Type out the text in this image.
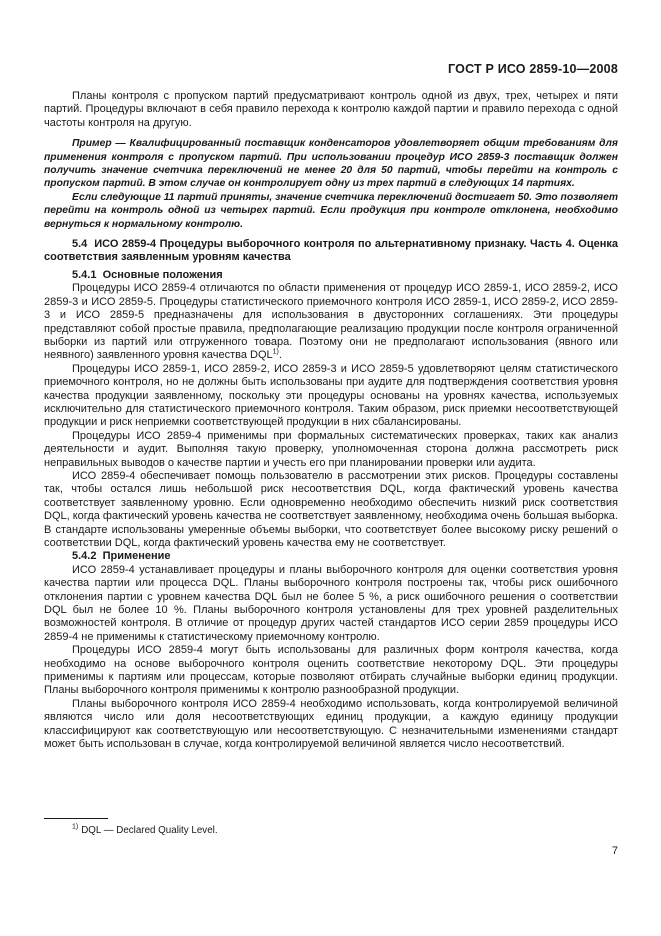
ГОСТ Р ИСО 2859-10—2008

Планы контроля с пропуском партий предусматривают контроль одной из двух, трех, четырех и пяти партий. Процедуры включают в себя правило перехода к контролю каждой партии и правило перехода с одной частоты контроля на другую.

Пример — Квалифицированный поставщик конденсаторов удовлетворяет общим требованиям для применения контроля с пропуском партий. При использовании процедур ИСО 2859-3 поставщик должен получить значение счетчика переключений не менее 20 для 50 партий, чтобы перейти на контроль с пропуском партий. В этом случае он контролирует одну из трех партий в следующих 14 партиях.

Если следующие 11 партий приняты, значение счетчика переключений достигает 50. Это позволяет перейти на контроль одной из четырех партий. Если продукция при контроле отклонена, необходимо вернуться к нормальному контролю.

5.4  ИСО 2859-4 Процедуры выборочного контроля по альтернативному признаку. Часть 4. Оценка соответствия заявленным уровням качества

5.4.1  Основные положения

Процедуры ИСО 2859-4 отличаются по области применения от процедур ИСО 2859-1, ИСО 2859-2, ИСО 2859-3 и ИСО 2859-5. Процедуры статистического приемочного контроля ИСО 2859-1, ИСО 2859-2, ИСО 2859-3 и ИСО 2859-5 предназначены для использования в двусторонних соглашениях. Эти процедуры представляют собой простые правила, предполагающие реализацию продукции после контроля ограниченной выборки из партий или отгруженного товара. Поэтому они не предполагают использования (явного или неявного) заявленного уровня качества DQL$^{1)}$.

Процедуры ИСО 2859-1, ИСО 2859-2, ИСО 2859-3 и ИСО 2859-5 удовлетворяют целям статистического приемочного контроля, но не должны быть использованы при аудите для подтверждения соответствия уровня качества продукции заявленному, поскольку эти процедуры основаны на уровнях качества, используемых исключительно для статистического приемочного контроля. Таким образом, риск приемки несоответствующей продукции и риск неприемки соответствующей продукции в них сбалансированы.

Процедуры ИСО 2859-4 применимы при формальных систематических проверках, таких как анализ деятельности и аудит. Выполняя такую проверку, уполномоченная сторона должна рассмотреть риск неправильных выводов о качестве партии и учесть его при планировании проверки или аудита.

ИСО 2859-4 обеспечивает помощь пользователю в рассмотрении этих рисков. Процедуры составлены так, чтобы остался лишь небольшой риск несоответствия DQL, когда фактический уровень качества соответствует заявленному уровню. Если одновременно необходимо обеспечить низкий риск соответствия DQL, когда фактический уровень качества не соответствует заявленному, необходима очень большая выборка. В стандарте использованы умеренные объемы выборки, что соответствует более высокому риску решений о соответствии DQL, когда фактический уровень качества ему не соответствует.

5.4.2  Применение

ИСО 2859-4 устанавливает процедуры и планы выборочного контроля для оценки соответствия уровня качества партии или процесса DQL. Планы выборочного контроля построены так, чтобы риск ошибочного отклонения партии с уровнем качества DQL был не более 5 %, а риск ошибочного решения о соответствии DQL был не более 10 %. Планы выборочного контроля установлены для трех уровней разделительных возможностей контроля. В отличие от процедур других частей стандартов ИСО серии 2859 процедуры ИСО 2859-4 не применимы к статистическому приемочному контролю.

Процедуры ИСО 2859-4 могут быть использованы для различных форм контроля качества, когда необходимо на основе выборочного контроля оценить соответствие некоторому DQL. Эти процедуры применимы к партиям или процессам, которые позволяют отбирать случайные выборки единиц продукции. Планы выборочного контроля применимы к контролю разнообразной продукции.

Планы выборочного контроля ИСО 2859-4 необходимо использовать, когда контролируемой величиной являются число или доля несоответствующих единиц продукции, а каждую единицу продукции классифицируют как соответствующую или несоответствующую. С незначительными изменениями стандарт может быть использован в случае, когда контролируемой величиной является число несоответствий.

$^{1)}$ DQL — Declared Quality Level.

7
